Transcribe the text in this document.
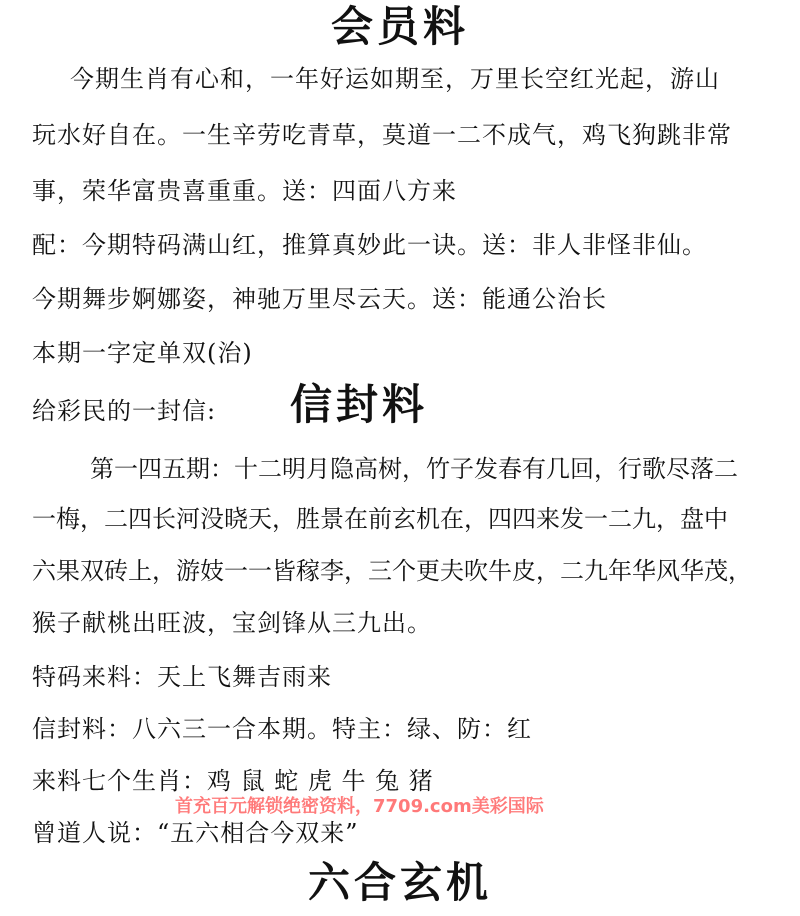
会员料
今期生肖有心和，一年好运如期至，万里长空红光起，游山
玩水好自在。一生辛劳吃青草，莫道一二不成气，鸡飞狗跳非常
事，荣华富贵喜重重。送：四面八方来
配：今期特码满山红，推算真妙此一诀。送：非人非怪非仙。
今期舞步婀娜姿，神驰万里尽云天。送：能通公治长
本期一字定单双(治)
给彩民的一封信: 信封料
第一四五期：十二明月隐高树，竹子发春有几回，行歌尽落二
一梅，二四长河没晓天，胜景在前玄机在，四四来发一二九，盘中
六果双砖上，游妓一一皆稼李，三个更夫吹牛皮，二九年华风华茂，
猴子献桃出旺波，宝剑锋从三九出。
特码来料：天上飞舞吉雨来
信封料：八六三一合本期。特主：绿、防：红
来料七个生肖：鸡 鼠 蛇 虎 牛 兔 猪
曾道人说：“五六相合今双来”
六合玄机
首充百元解锁绝密资料，7709.com美彩国际
